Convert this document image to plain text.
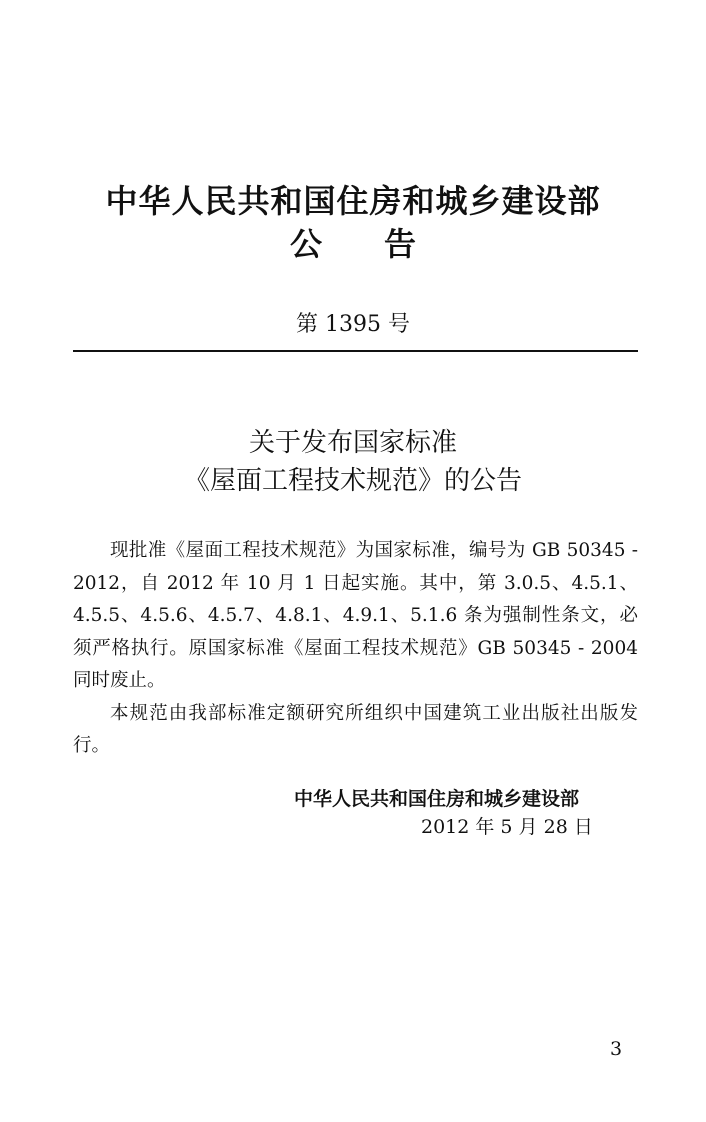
中华人民共和国住房和城乡建设部
公告
第 1395 号
关于发布国家标准
《屋面工程技术规范》的公告

现批准《屋面工程技术规范》为国家标准，编号为 GB 50345 - 2012，自 2012 年 10 月 1 日起实施。其中，第 3.0.5、4.5.1、4.5.5、4.5.6、4.5.7、4.8.1、4.9.1、5.1.6 条为强制性条文，必须严格执行。原国家标准《屋面工程技术规范》GB 50345 - 2004 同时废止。

本规范由我部标准定额研究所组织中国建筑工业出版社出版发行。

中华人民共和国住房和城乡建设部
2012 年 5 月 28 日
3
